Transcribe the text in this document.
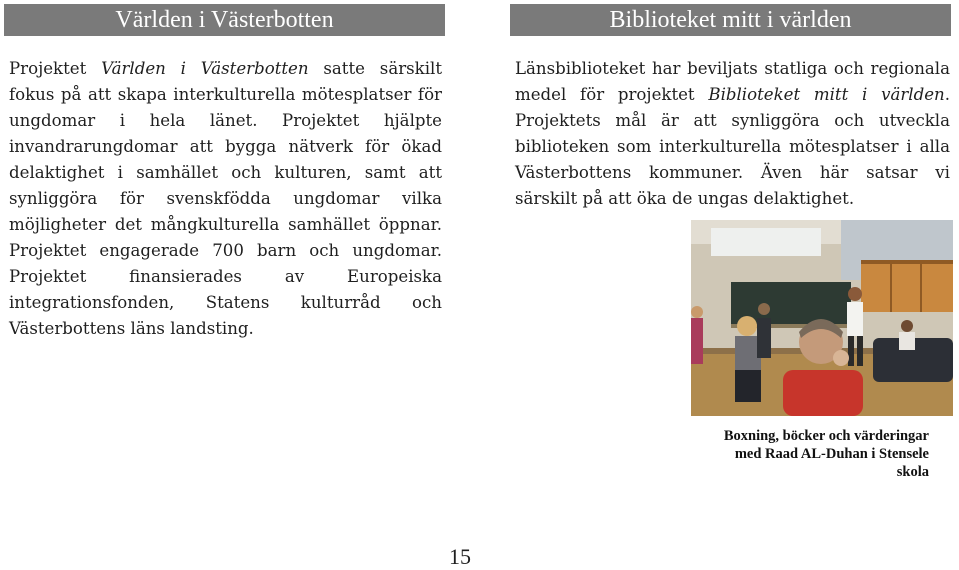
Världen i Västerbotten	Biblioteket mitt i världen

Projektet Världen i Västerbotten satte särskilt fokus på att skapa interkulturella mötesplatser för ungdomar i hela länet. Projektet hjälpte invandrarungdomar att bygga nätverk för ökad delaktighet i samhället och kulturen, samt att synliggöra för svenskfödda ungdomar vilka möjligheter det mångkulturella samhället öppnar. Projektet engagerade 700 barn och ungdomar. Projektet finansierades av Europeiska integrationsfonden, Statens kulturråd och Västerbottens läns landsting.

Länsbiblioteket har beviljats statliga och regionala medel för projektet Biblioteket mitt i världen. Projektets mål är att synliggöra och utveckla biblioteken som interkulturella mötesplatser i alla Västerbottens kommuner. Även här satsar vi särskilt på att öka de ungas delaktighet.

Boxning, böcker och värderingar med Raad AL-Duhan i Stensele skola
15
